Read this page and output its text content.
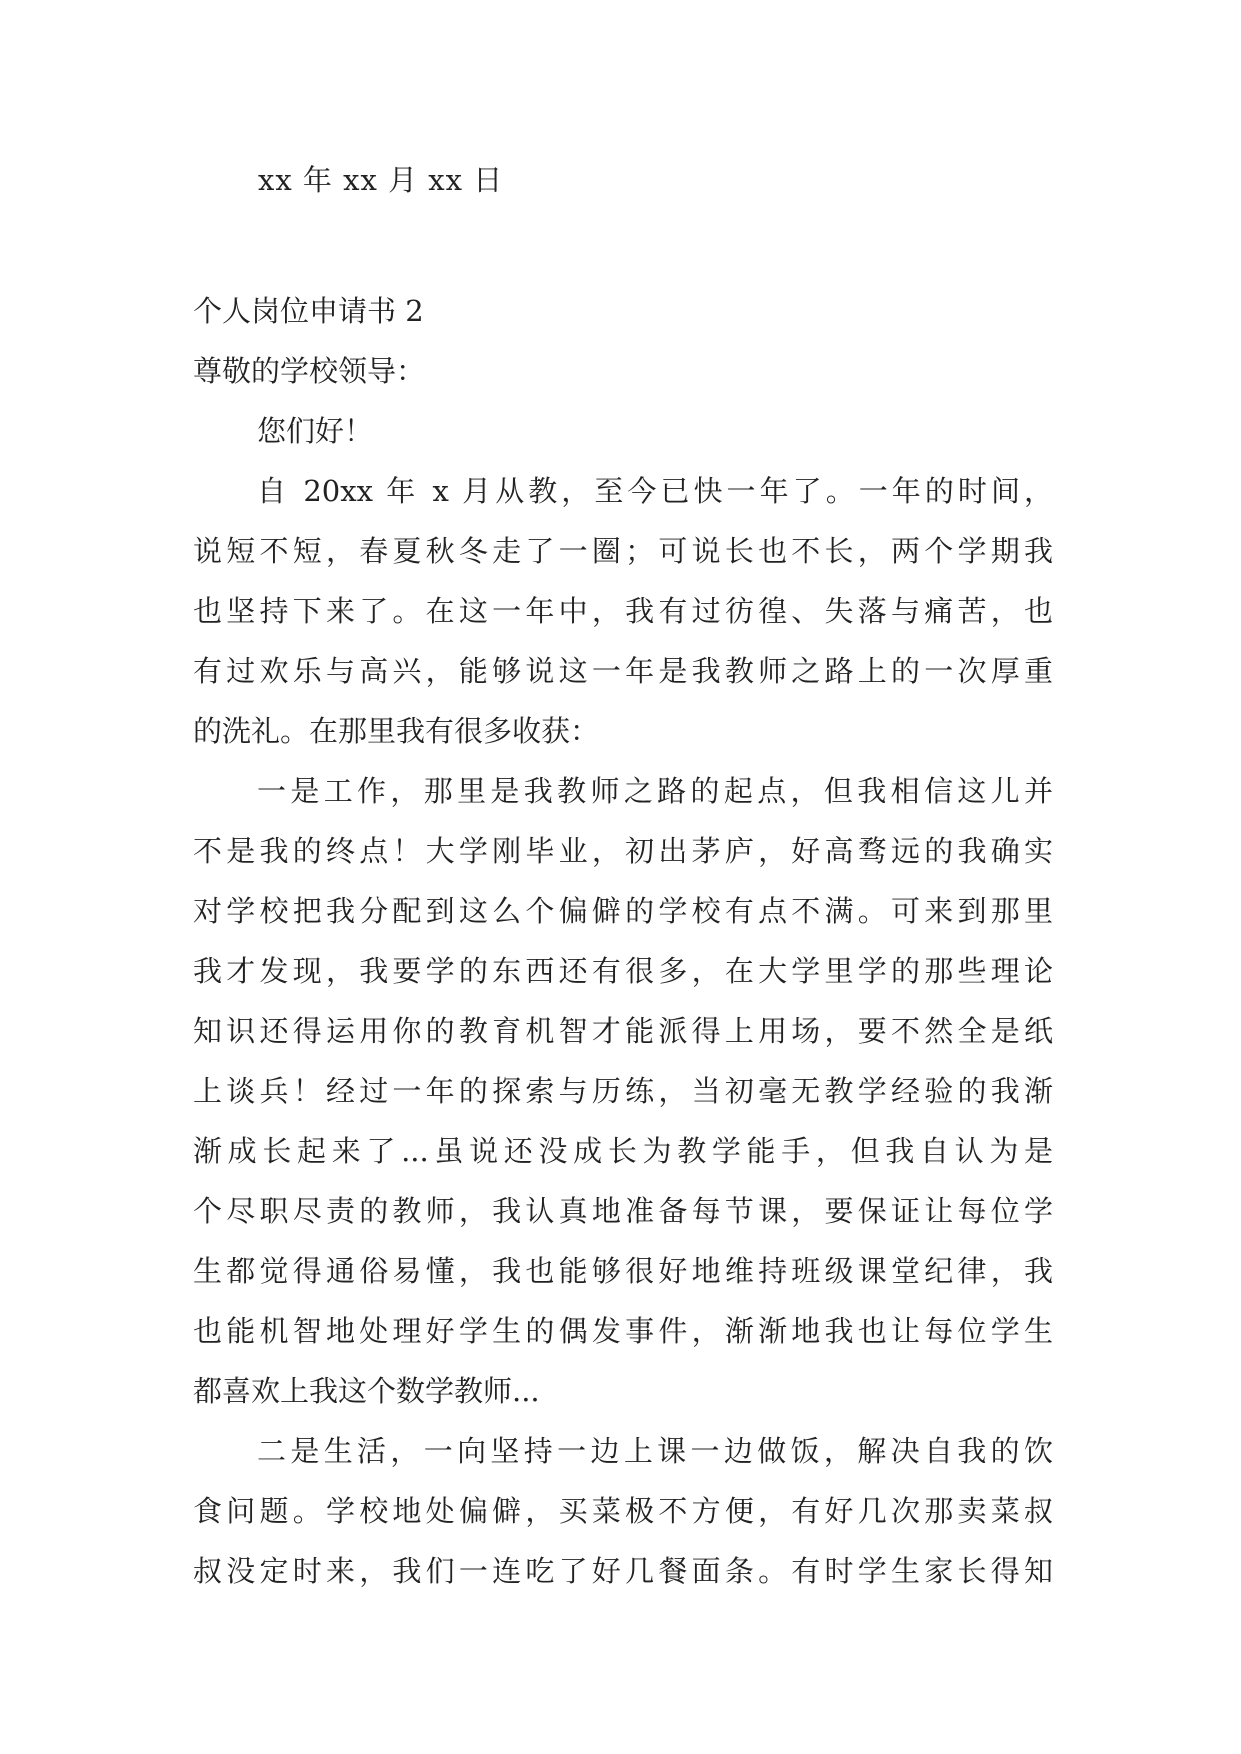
xx 年 xx 月 xx 日
个人岗位申请书 2
尊敬的学校领导：
您们好！
自 20xx 年 x 月从教，至今已快一年了。一年的时间，
说短不短，春夏秋冬走了一圈；可说长也不长，两个学期我
也坚持下来了。在这一年中，我有过彷徨、失落与痛苦，也
有过欢乐与高兴，能够说这一年是我教师之路上的一次厚重
的洗礼。在那里我有很多收获：
一是工作，那里是我教师之路的起点，但我相信这儿并
不是我的终点！大学刚毕业，初出茅庐，好高骛远的我确实
对学校把我分配到这么个偏僻的学校有点不满。可来到那里
我才发现，我要学的东西还有很多，在大学里学的那些理论
知识还得运用你的教育机智才能派得上用场，要不然全是纸
上谈兵！经过一年的探索与历练，当初毫无教学经验的我渐
渐成长起来了...虽说还没成长为教学能手，但我自认为是
个尽职尽责的教师，我认真地准备每节课，要保证让每位学
生都觉得通俗易懂，我也能够很好地维持班级课堂纪律，我
也能机智地处理好学生的偶发事件，渐渐地我也让每位学生
都喜欢上我这个数学教师...
二是生活，一向坚持一边上课一边做饭，解决自我的饮
食问题。学校地处偏僻，买菜极不方便，有好几次那卖菜叔
叔没定时来，我们一连吃了好几餐面条。有时学生家长得知
